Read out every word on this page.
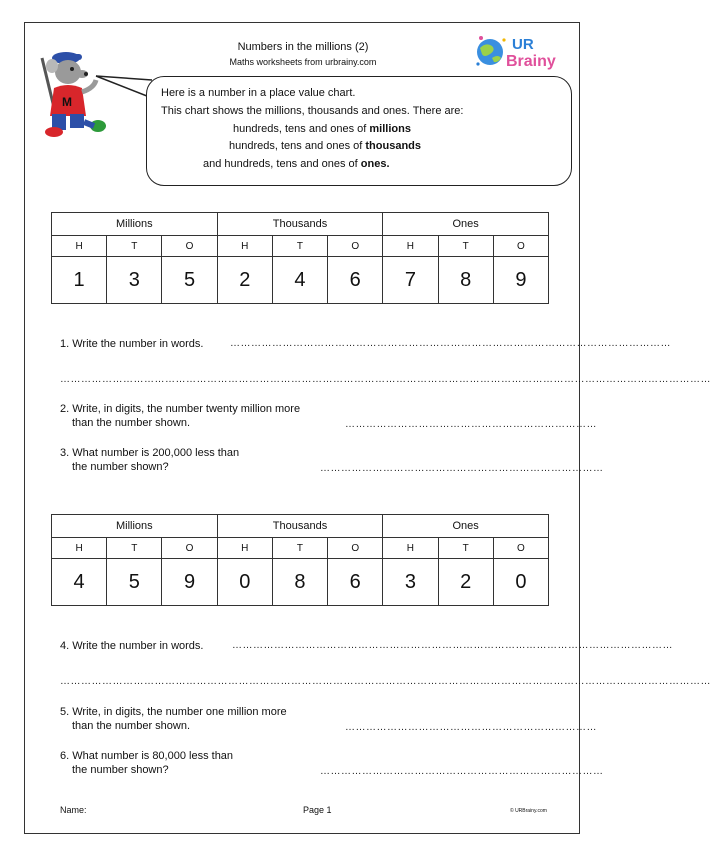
Numbers in the millions (2)
Maths worksheets from urbrainy.com
UR
Brainy
M
Here is a number in a place value chart.
This chart shows the millions, thousands and ones. There are:
hundreds, tens and ones of millions
hundreds, tens and ones of thousands
and hundreds, tens and ones of ones.
Millions			Thousands			Ones		
H	T	O	H	T	O	H	T	O
1	3	5	2	4	6	7	8	9
1. Write the number in words.	………………………………………………………………………………………………………………
……………………………………………………………………………………………………………………………………………………………………
2. Write, in digits, the number twenty million more
than the number shown.	………………………………………………………………
3. What number is 200,000 less than
the number shown?	………………………………………………………………………
Millions			Thousands			Ones		
H	T	O	H	T	O	H	T	O
4	5	9	0	8	6	3	2	0
4. Write the number in words.	………………………………………………………………………………………………………………
……………………………………………………………………………………………………………………………………………………………………
5. Write, in digits, the number one million more
than the number shown.	………………………………………………………………
6. What number is 80,000 less than
the number shown?	………………………………………………………………………
Name:	Page 1	© URBrainy.com
